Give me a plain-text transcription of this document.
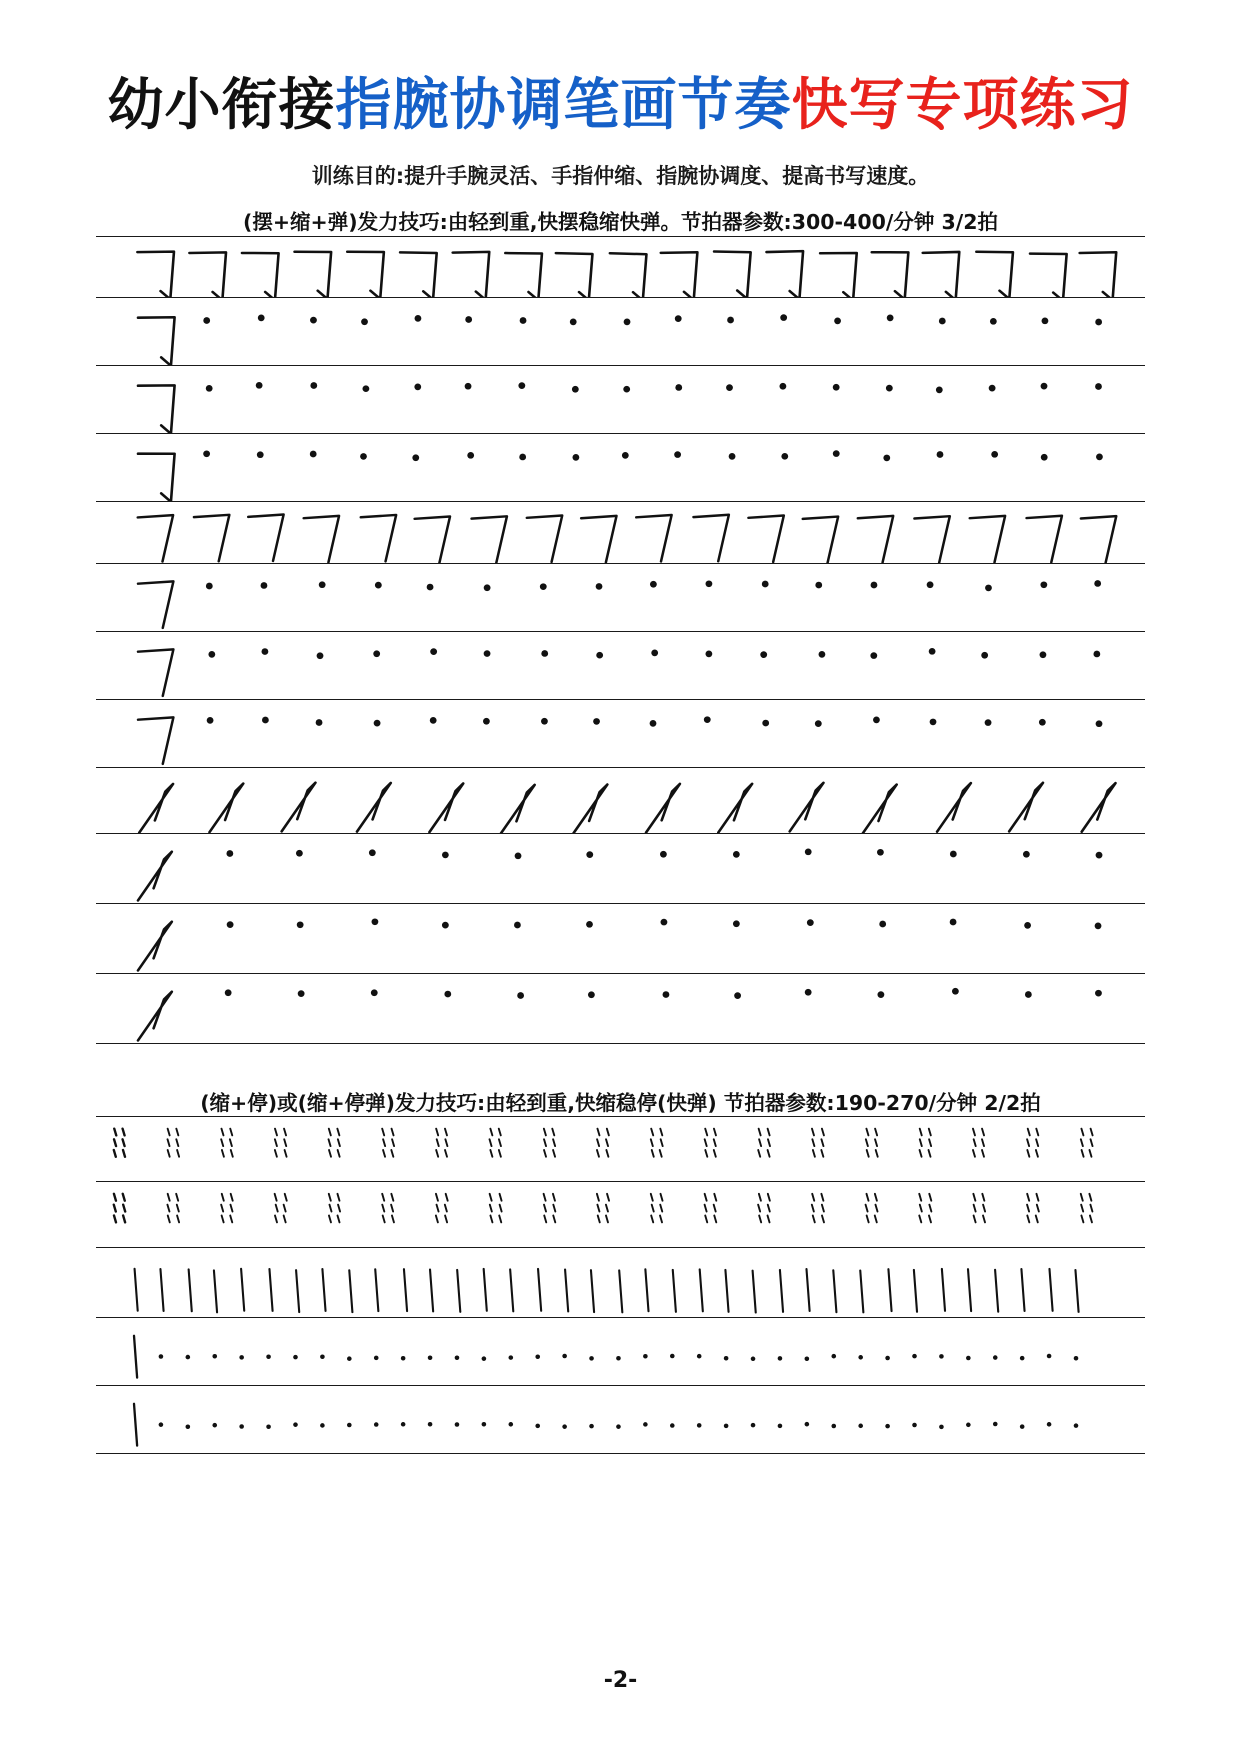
幼小衔接指腕协调笔画节奏快写专项练习
训练目的:提升手腕灵活、手指仲缩、指腕协调度、提高书写速度。
(摆+缩+弹)发力技巧:由轻到重,快摆稳缩快弹。节拍器参数:300-400/分钟 3/2拍
(缩+停)或(缩+停弹)发力技巧:由轻到重,快缩稳停(快弹) 节拍器参数:190-270/分钟 2/2拍
-2-
